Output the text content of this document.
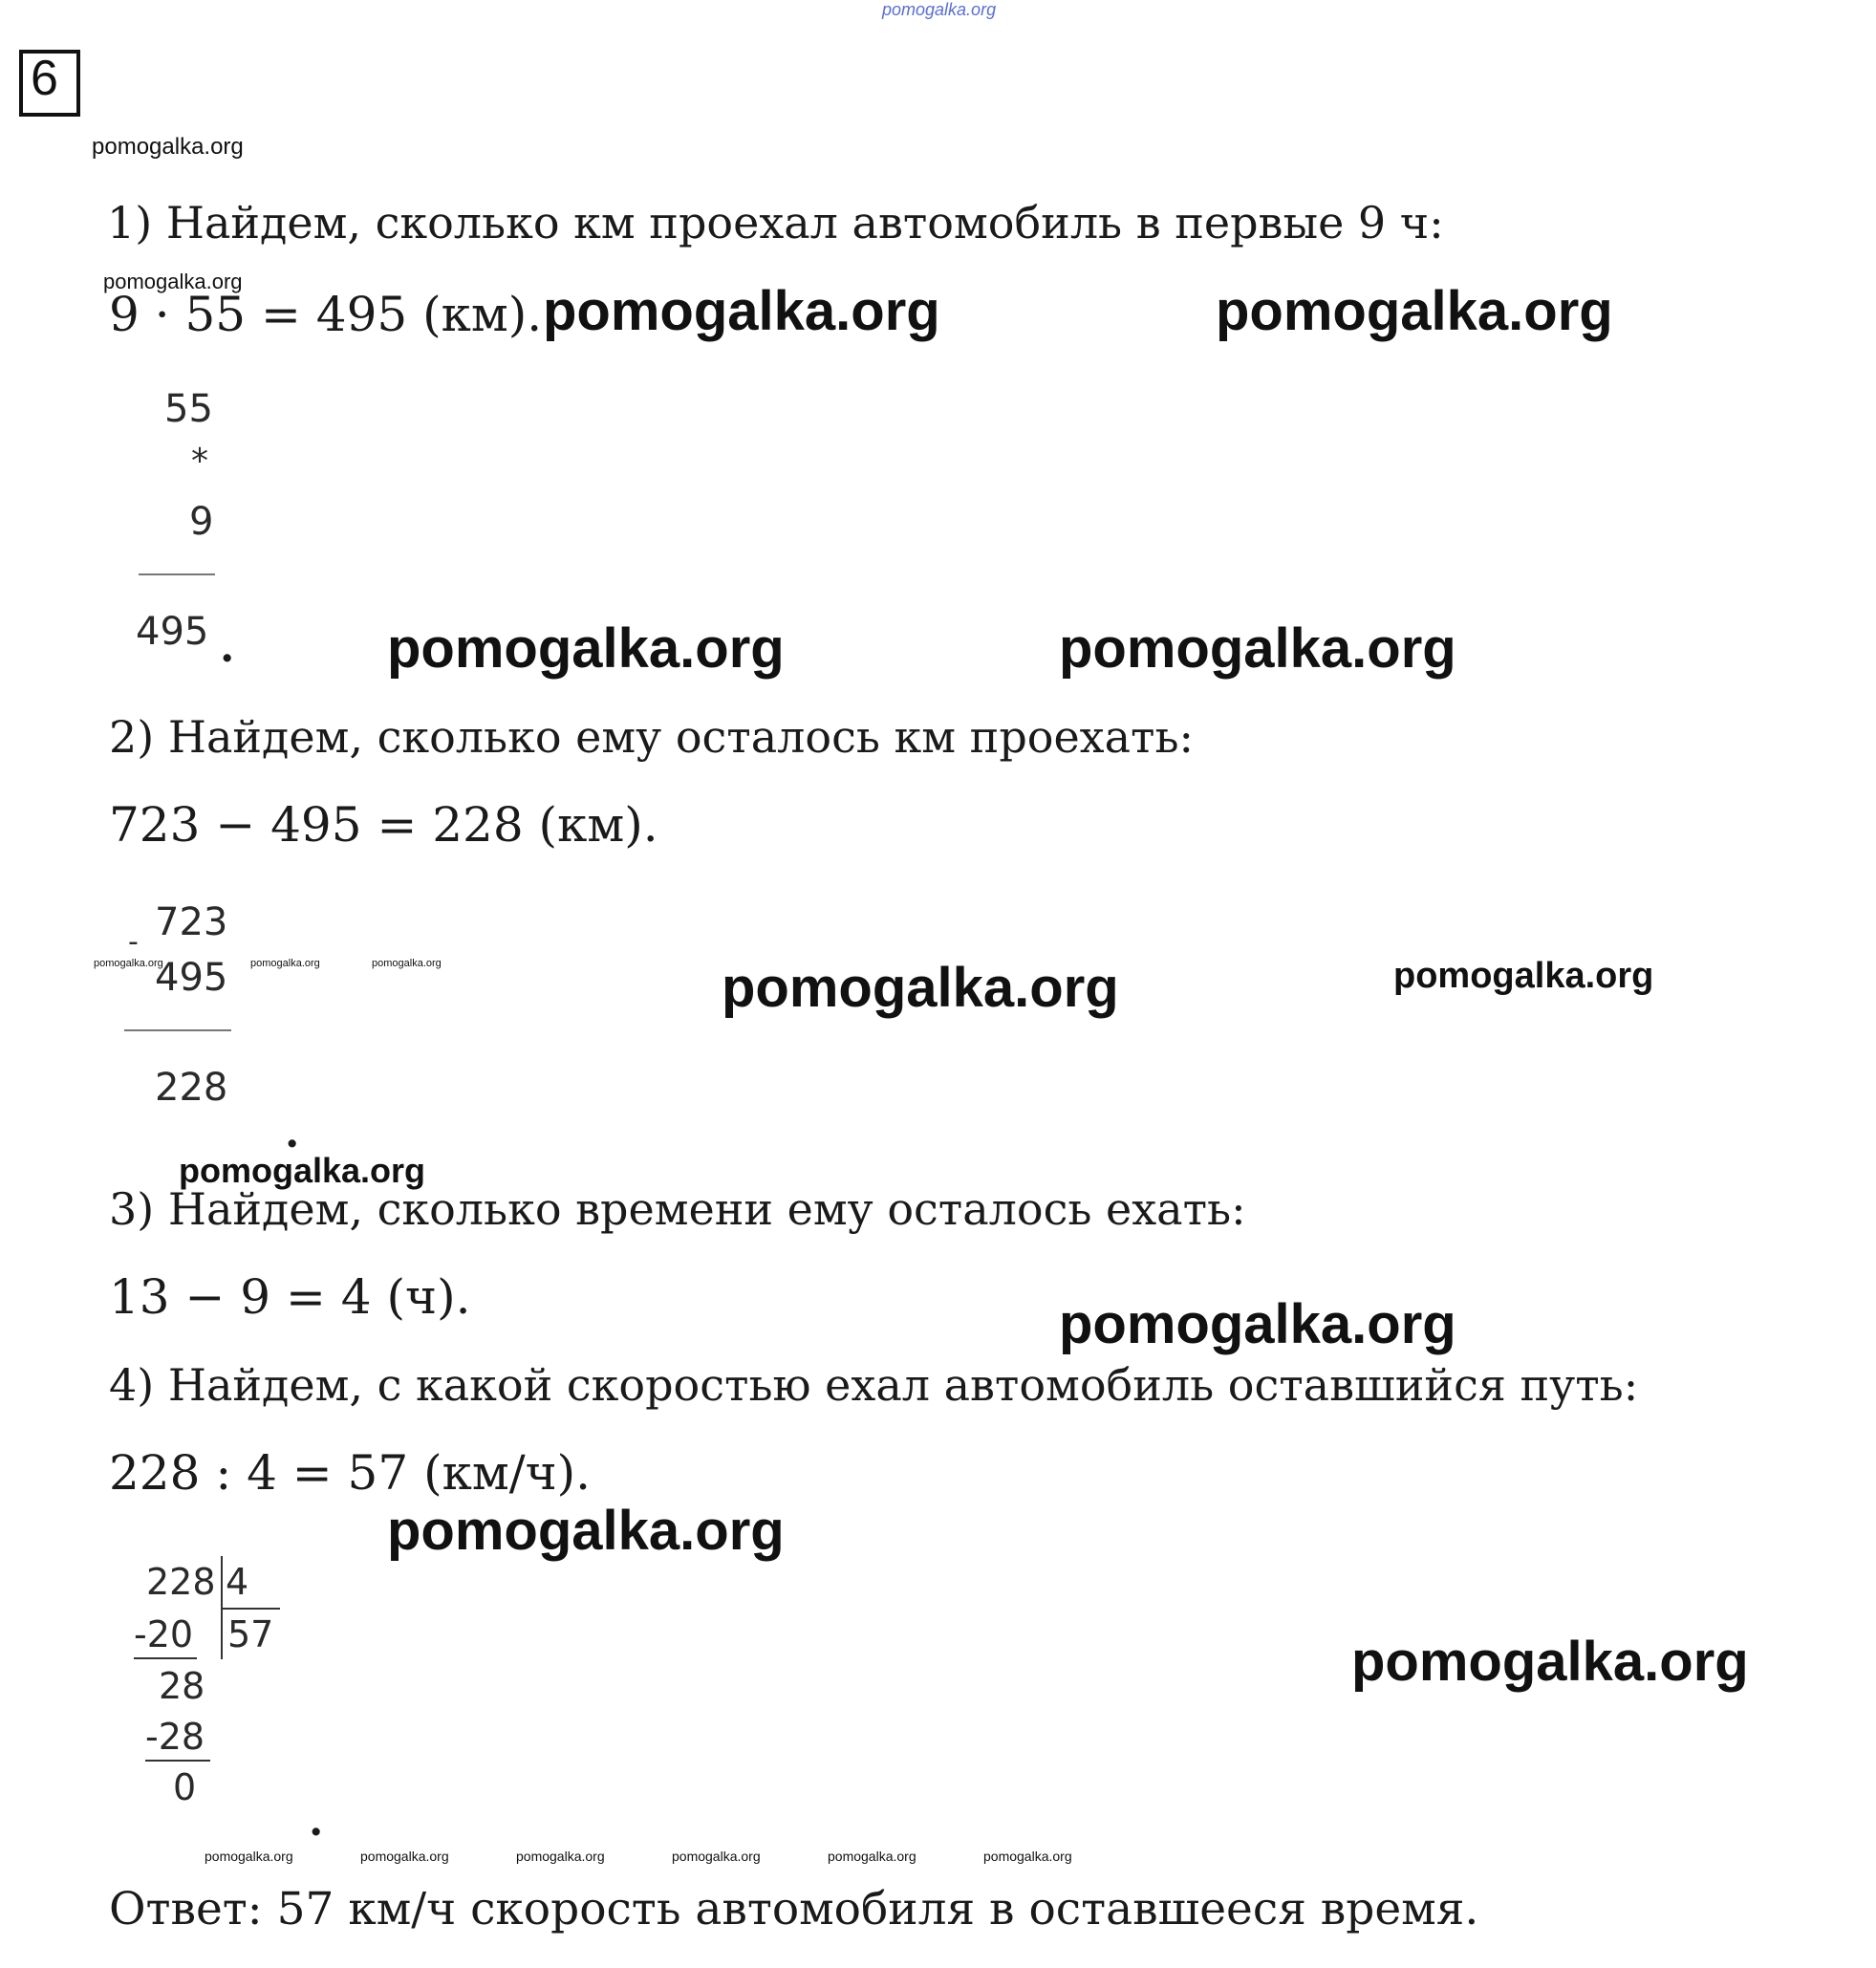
pomogalka.org
6
pomogalka.org
1) Найдем, сколько км проехал автомобиль в первые 9 ч:
pomogalka.org
9 · 55 = 495 (км). pomogalka.org	pomogalka.org
55
*
9
495 .	pomogalka.org	pomogalka.org
2) Найдем, сколько ему осталось км проехать:
723 − 495 = 228 (км).
- 723
495
pomogalka.org	pomogalka.org	pomogalka.org
228
.
pomogalka.org	pomogalka.org
pomogalka.org
3) Найдем, сколько времени ему осталось ехать:
13 − 9 = 4 (ч).	pomogalka.org
4) Найдем, с какой скоростью ехал автомобиль оставшийся путь:
228 : 4 = 57 (км/ч).
pomogalka.org
228 4
57
-20
28
-28
0
.
pomogalka.org
pomogalka.org	pomogalka.org	pomogalka.org	pomogalka.org	pomogalka.org	pomogalka.org
Ответ: 57 км/ч скорость автомобиля в оставшееся время.
